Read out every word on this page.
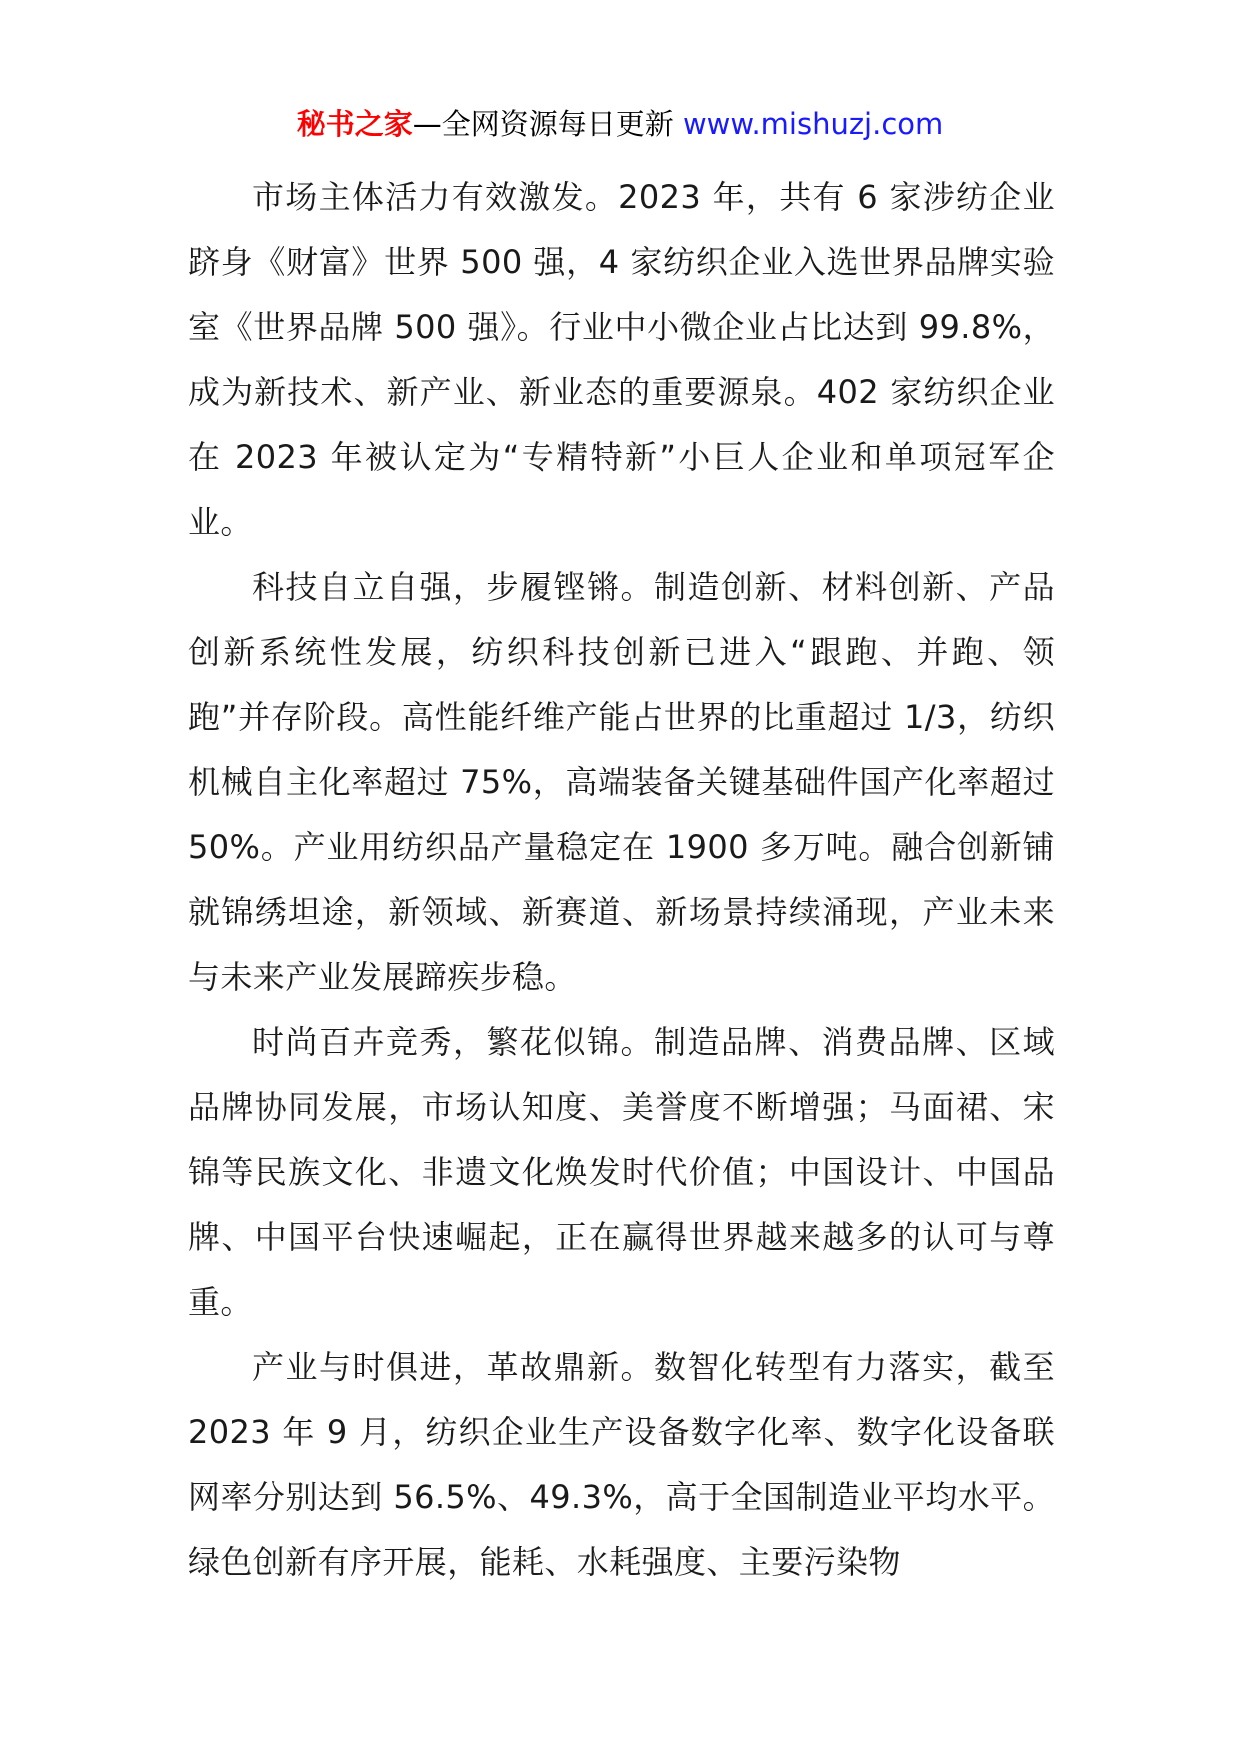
秘书之家—全网资源每日更新 www.mishuzj.com

市场主体活力有效激发。2023 年，共有 6 家涉纺企业跻身《财富》世界 500 强，4 家纺织企业入选世界品牌实验室《世界品牌 500 强》。行业中小微企业占比达到 99.8%，成为新技术、新产业、新业态的重要源泉。402 家纺织企业在 2023 年被认定为“专精特新”小巨人企业和单项冠军企业。

科技自立自强，步履铿锵。制造创新、材料创新、产品创新系统性发展，纺织科技创新已进入“跟跑、并跑、领跑”并存阶段。高性能纤维产能占世界的比重超过 1/3，纺织机械自主化率超过 75%，高端装备关键基础件国产化率超过 50%。产业用纺织品产量稳定在 1900 多万吨。融合创新铺就锦绣坦途，新领域、新赛道、新场景持续涌现，产业未来与未来产业发展蹄疾步稳。

时尚百卉竞秀，繁花似锦。制造品牌、消费品牌、区域品牌协同发展，市场认知度、美誉度不断增强；马面裙、宋锦等民族文化、非遗文化焕发时代价值；中国设计、中国品牌、中国平台快速崛起，正在赢得世界越来越多的认可与尊重。

产业与时俱进，革故鼎新。数智化转型有力落实，截至 2023 年 9 月，纺织企业生产设备数字化率、数字化设备联网率分别达到 56.5%、49.3%，高于全国制造业平均水平。绿色创新有序开展，能耗、水耗强度、主要污染物
